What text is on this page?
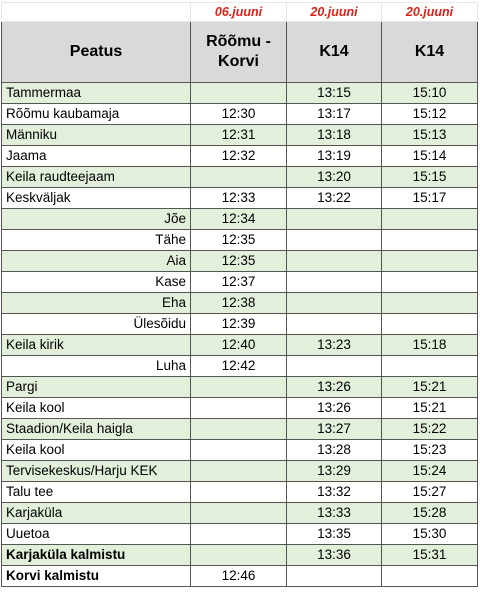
	06.juuni	20.juuni	20.juuni
Peatus	Rõõmu - Korvi	K14	K14
Tammermaa		13:15	15:10
Rõõmu kaubamaja	12:30	13:17	15:12
Männiku	12:31	13:18	15:13
Jaama	12:32	13:19	15:14
Keila raudteejaam		13:20	15:15
Keskväljak	12:33	13:22	15:17
Jõe	12:34		
Tähe	12:35		
Aia	12:35		
Kase	12:37		
Eha	12:38		
Ülesõidu	12:39		
Keila kirik	12:40	13:23	15:18
Luha	12:42		
Pargi		13:26	15:21
Keila kool		13:26	15:21
Staadion/Keila haigla		13:27	15:22
Keila kool		13:28	15:23
Tervisekeskus/Harju KEK		13:29	15:24
Talu tee		13:32	15:27
Karjaküla		13:33	15:28
Uuetoa		13:35	15:30
Karjaküla kalmistu		13:36	15:31
Korvi kalmistu	12:46		
